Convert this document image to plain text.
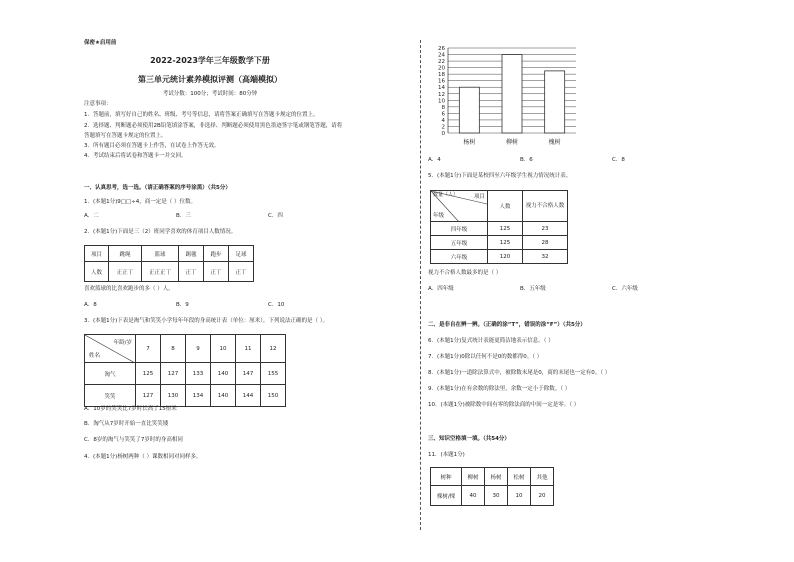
保密★启用前
2022-2023学年三年级数学下册
第三单元统计素养模拟评测（高端模拟）
考试分数：100分；考试时间：80分钟
注意事项：
1．答题前，填写好自己的姓名、班级、考号等信息，请将答案正确填写在答题卡规定的位置上。
2．选择题、判断题必须使用2B铅笔填涂答案，非选择、判断题必须使用黑色墨迹签字笔或钢笔答题，请将
答题填写在答题卡规定的位置上。
3．所有题目必须在答题卡上作答，在试卷上作答无效。
4．考试结束后将试卷和答题卡一并交回。
一、认真思考，选一选。（请正确答案的序号涂黑）（共5分）
1．(本题1分)9□□÷4，商一定是（ ）位数。
A．二	B．三	C．四
2．(本题1分)下面是三（2）班同学喜欢的体育项目人数情况。
项目	跳绳	篮球	踢毽	跑步	足球
人数	正正丅	正正正丅	正丅	正丅	正丅
喜欢篮球的比喜欢跑步的多（ ）人。
A．8	B．9	C．10
3．(本题1分)下表是淘气和笑笑小学每年年段的身高统计表（单位：厘米），下列说法正确的是（ ）。
年龄/岁
姓名	7	8	9	10	11	12
淘气	125	127	133	140	147	155
笑笑	127	130	134	140	144	150
A．10岁的笑笑比7岁时长高了15厘米
B．淘气从7岁时开始一直比笑笑矮
C．8岁的淘气与笑笑了7岁时的身高相同
4．(本题1分)杨树两种（ ）课数相同对同样多。
0
2
4
6
8
10
12
14
16
18
20
22
24
26
杨树	柳树	槐树
A．4	B．6	C．8
5．(本题1分)下面是某校四至六年级学生视力情况统计表。
项目
数量（人）
年级	人数	视力不合格人数
四年级	125	23
五年级	125	28
六年级	120	32
视力不合格人数最多的是（ ）
A．四年级	B．五年级	C．六年级
二、是非自在辨一辨。（正确的涂“T”，错误的涂“F”）（共5分）
6．(本题1分)复式统计表能更简洁地表示信息。（ ）
7．(本题1分)0除以任何不是0的数都得0。（ ）
8．(本题1分)一道除法算式中，被除数末尾是0，商的末尾也一定有0。（ ）
9．(本题1分)在有余数的除法里，余数一定小于除数。（ ）
10．(本题1分)被除数中间有零的除法商的中间一定是零。（ ）
三、知识空格填一填。（共54分）
11．(本题1分)
树种	柳树	杨树	松树	其他
棵树/棵	40	30	10	20
